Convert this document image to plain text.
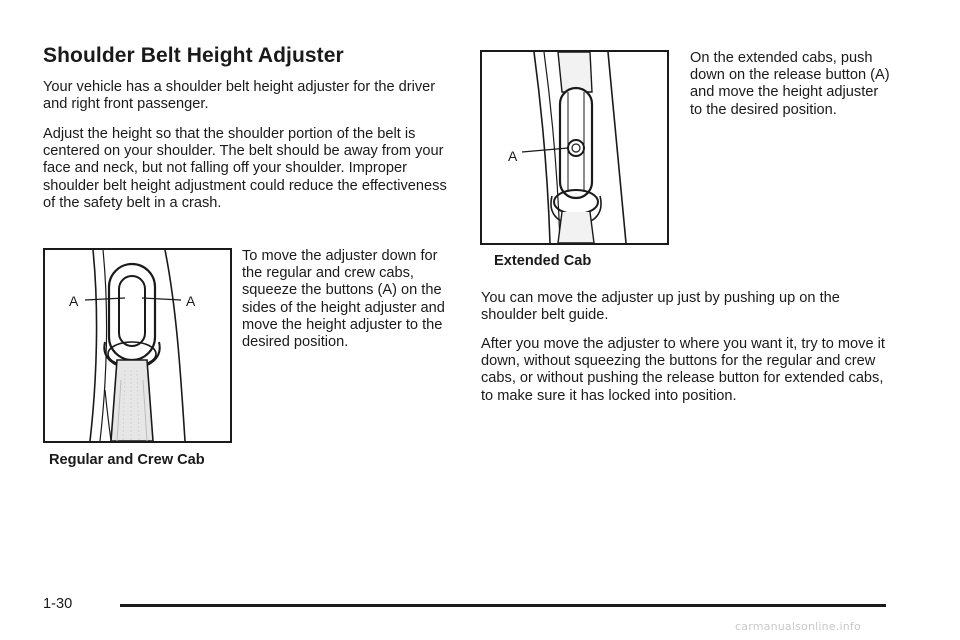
Shoulder Belt Height Adjuster

Your vehicle has a shoulder belt height adjuster for the driver and right front passenger.

Adjust the height so that the shoulder portion of the belt is centered on your shoulder. The belt should be away from your face and neck, but not falling off your shoulder. Improper shoulder belt height adjustment could reduce the effectiveness of the safety belt in a crash.

To move the adjuster down for the regular and crew cabs, squeeze the buttons (A) on the sides of the height adjuster and move the height adjuster to the desired position.

A	A

Regular and Crew Cab

A

Extended Cab

On the extended cabs, push down on the release button (A) and move the height adjuster to the desired position.

You can move the adjuster up just by pushing up on the shoulder belt guide.

After you move the adjuster to where you want it, try to move it down, without squeezing the buttons for the regular and crew cabs, or without pushing the release button for extended cabs, to make sure it has locked into position.

1-30
carmanualsonline.info
